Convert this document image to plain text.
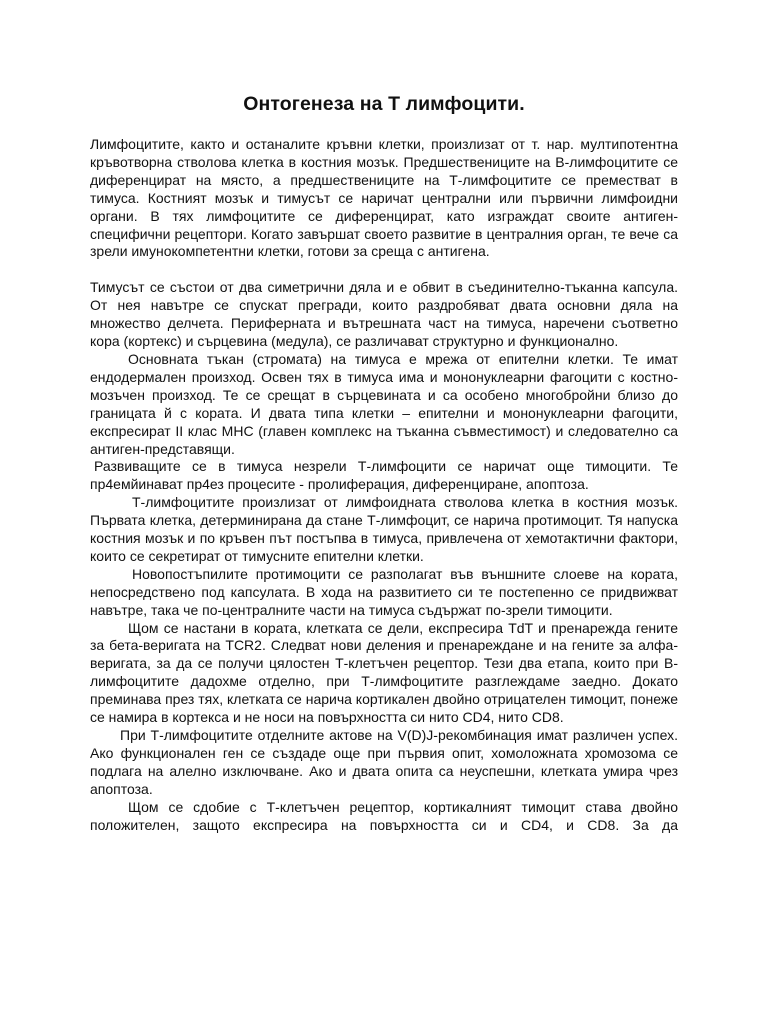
Онтогенеза на Т лимфоцити.

Лимфоцитите, както и останалите кръвни клетки, произлизат от т. нар. мултипотентна кръвотворна стволова клетка в костния мозък. Предшествениците на В-лимфоцитите се диференцират на място, а предшествениците на Т-лимфоцитите се преместват в тимуса. Костният мозък и тимусът се наричат централни или първични лимфоидни органи. В тях лимфоцитите се диференцират, като изграждат своите антиген-специфични рецептори. Когато завършат своето развитие в централния орган, те вече са зрели имунокомпетентни клетки, готови за среща с антигена.

Тимусът се състои от два симетрични дяла и е обвит в съединително-тъканна капсула. От нея навътре се спускат прегради, които раздробяват двата основни дяла на множество делчета. Периферната и вътрешната част на тимуса, наречени съответно кора (кортекс) и сърцевина (медула), се различават структурно и функционално.

Основната тъкан (стромата) на тимуса е мрежа от епителни клетки. Те имат ендодермален произход. Освен тях в тимуса има и мононуклеарни фагоцити с костно-мозъчен произход. Те се срещат в сърцевината и са особено многобройни близо до границата й с кората. И двата типа клетки – епителни и мононуклеарни фагоцити, експресират II клас MHC (главен комплекс на тъканна съвместимост) и следователно са антиген-представящи.

Развиващите се в тимуса незрели Т-лимфоцити се наричат още тимоцити. Те пр4емйинават пр4ез процесите - пролиферация, диференциране, апоптоза.

Т-лимфоцитите произлизат от лимфоидната стволова клетка в костния мозък. Първата клетка, детерминирана да стане Т-лимфоцит, се нарича протимоцит. Тя напуска костния мозък и по кръвен път постъпва в тимуса, привлечена от хемотактични фактори, които се секретират от тимусните епителни клетки.

Новопостъпилите протимоцити се разполагат във външните слоеве на кората, непосредствено под капсулата. В хода на развитието си те постепенно се придвижват навътре, така че по-централните части на тимуса съдържат по-зрели тимоцити.

Щом се настани в кората, клетката се дели, експресира TdT и пренарежда гените за бета-веригата на TCR2. Следват нови деления и пренареждане и на гените за алфа-веригата, за да се получи цялостен Т-клетъчен рецептор. Тези два етапа, които при В-лимфоцитите дадохме отделно, при Т-лимфоцитите разглеждаме заедно. Докато преминава през тях, клетката се нарича кортикален двойно отрицателен тимоцит, понеже се намира в кортекса и не носи на повърхността си нито CD4, нито CD8.

При Т-лимфоцитите отделните актове на V(D)J-рекомбинация имат различен успех. Ако функционален ген се създаде още при първия опит, хомоложната хромозома се подлага на алелно изключване. Ако и двата опита са неуспешни, клетката умира чрез апоптоза.

Щом се сдобие с Т-клетъчен рецептор, кортикалният тимоцит става двойно положителен, защото експресира на повърхността си и CD4, и CD8. За да
